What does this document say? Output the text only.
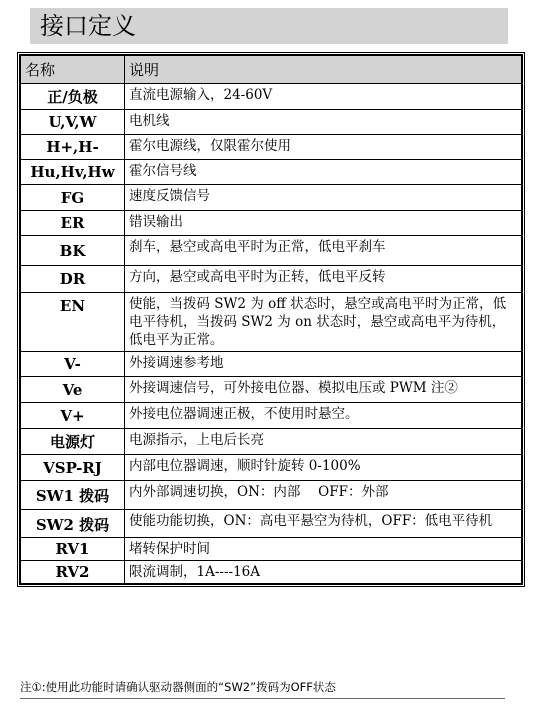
接口定义
名称	说明
正/负极	直流电源输入，24-60V
U,V,W	电机线
H+,H-	霍尔电源线，仅限霍尔使用
Hu,Hv,Hw	霍尔信号线
FG	速度反馈信号
ER	错误输出
BK	刹车，悬空或高电平时为正常，低电平刹车
DR	方向，悬空或高电平时为正转，低电平反转
EN	使能，当拨码 SW2 为 off 状态时，悬空或高电平时为正常，低电平待机，当拨码 SW2 为 on 状态时，悬空或高电平为待机，低电平为正常。
V-	外接调速参考地
Ve	外接调速信号，可外接电位器、模拟电压或 PWM 注②
V+	外接电位器调速正极，不使用时悬空。
电源灯	电源指示，上电后长亮
VSP-RJ	内部电位器调速，顺时针旋转 0-100%
SW1 拨码	内外部调速切换，ON：内部　 OFF：外部
SW2 拨码	使能功能切换，ON：高电平悬空为待机，OFF：低电平待机
RV1	堵转保护时间
RV2	限流调制，1A----16A
注①:使用此功能时请确认驱动器侧面的“SW2”拨码为OFF状态
